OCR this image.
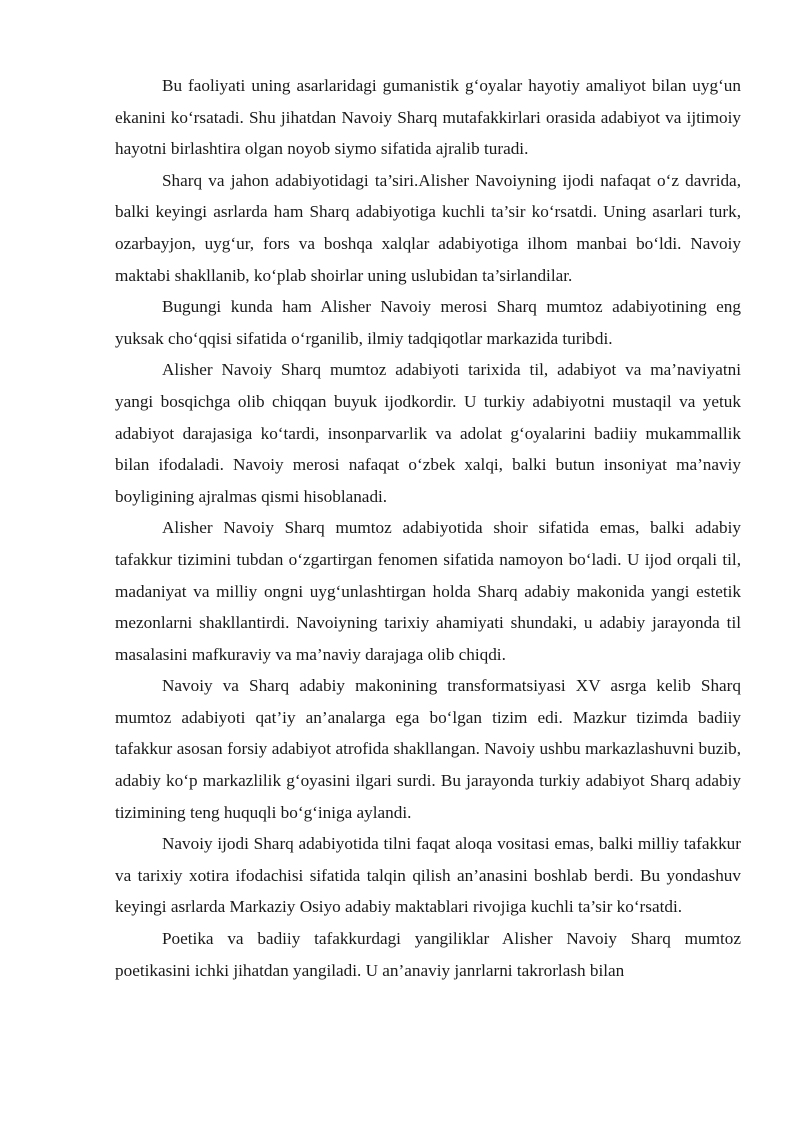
Bu faoliyati uning asarlaridagi gumanistik g‘oyalar hayotiy amaliyot bilan uyg‘un ekanini ko‘rsatadi. Shu jihatdan Navoiy Sharq mutafakkirlari orasida adabiyot va ijtimoiy hayotni birlashtira olgan noyob siymo sifatida ajralib turadi.

Sharq va jahon adabiyotidagi ta’siri.Alisher Navoiyning ijodi nafaqat o‘z davrida, balki keyingi asrlarda ham Sharq adabiyotiga kuchli ta’sir ko‘rsatdi. Uning asarlari turk, ozarbayjon, uyg‘ur, fors va boshqa xalqlar adabiyotiga ilhom manbai bo‘ldi. Navoiy maktabi shakllanib, ko‘plab shoirlar uning uslubidan ta’sirlandilar.

Bugungi kunda ham Alisher Navoiy merosi Sharq mumtoz adabiyotining eng yuksak cho‘qqisi sifatida o‘rganilib, ilmiy tadqiqotlar markazida turibdi.

Alisher Navoiy Sharq mumtoz adabiyoti tarixida til, adabiyot va ma’naviyatni yangi bosqichga olib chiqqan buyuk ijodkordir. U turkiy adabiyotni mustaqil va yetuk adabiyot darajasiga ko‘tardi, insonparvarlik va adolat g‘oyalarini badiiy mukammallik bilan ifodaladi. Navoiy merosi nafaqat o‘zbek xalqi, balki butun insoniyat ma’naviy boyligining ajralmas qismi hisoblanadi.

Alisher Navoiy Sharq mumtoz adabiyotida shoir sifatida emas, balki adabiy tafakkur tizimini tubdan o‘zgartirgan fenomen sifatida namoyon bo‘ladi. U ijod orqali til, madaniyat va milliy ongni uyg‘unlashtirgan holda Sharq adabiy makonida yangi estetik mezonlarni shakllantirdi. Navoiyning tarixiy ahamiyati shundaki, u adabiy jarayonda til masalasini mafkuraviy va ma’naviy darajaga olib chiqdi.

Navoiy va Sharq adabiy makonining transformatsiyasi XV asrga kelib Sharq mumtoz adabiyoti qat’iy an’analarga ega bo‘lgan tizim edi. Mazkur tizimda badiiy tafakkur asosan forsiy adabiyot atrofida shakllangan. Navoiy ushbu markazlashuvni buzib, adabiy ko‘p markazlilik g‘oyasini ilgari surdi. Bu jarayonda turkiy adabiyot Sharq adabiy tizimining teng huquqli bo‘g‘iniga aylandi.

Navoiy ijodi Sharq adabiyotida tilni faqat aloqa vositasi emas, balki milliy tafakkur va tarixiy xotira ifodachisi sifatida talqin qilish an’anasini boshlab berdi. Bu yondashuv keyingi asrlarda Markaziy Osiyo adabiy maktablari rivojiga kuchli ta’sir ko‘rsatdi.

Poetika va badiiy tafakkurdagi yangiliklar Alisher Navoiy Sharq mumtoz poetikasini ichki jihatdan yangiladi. U an’anaviy janrlarni takrorlash bilan
